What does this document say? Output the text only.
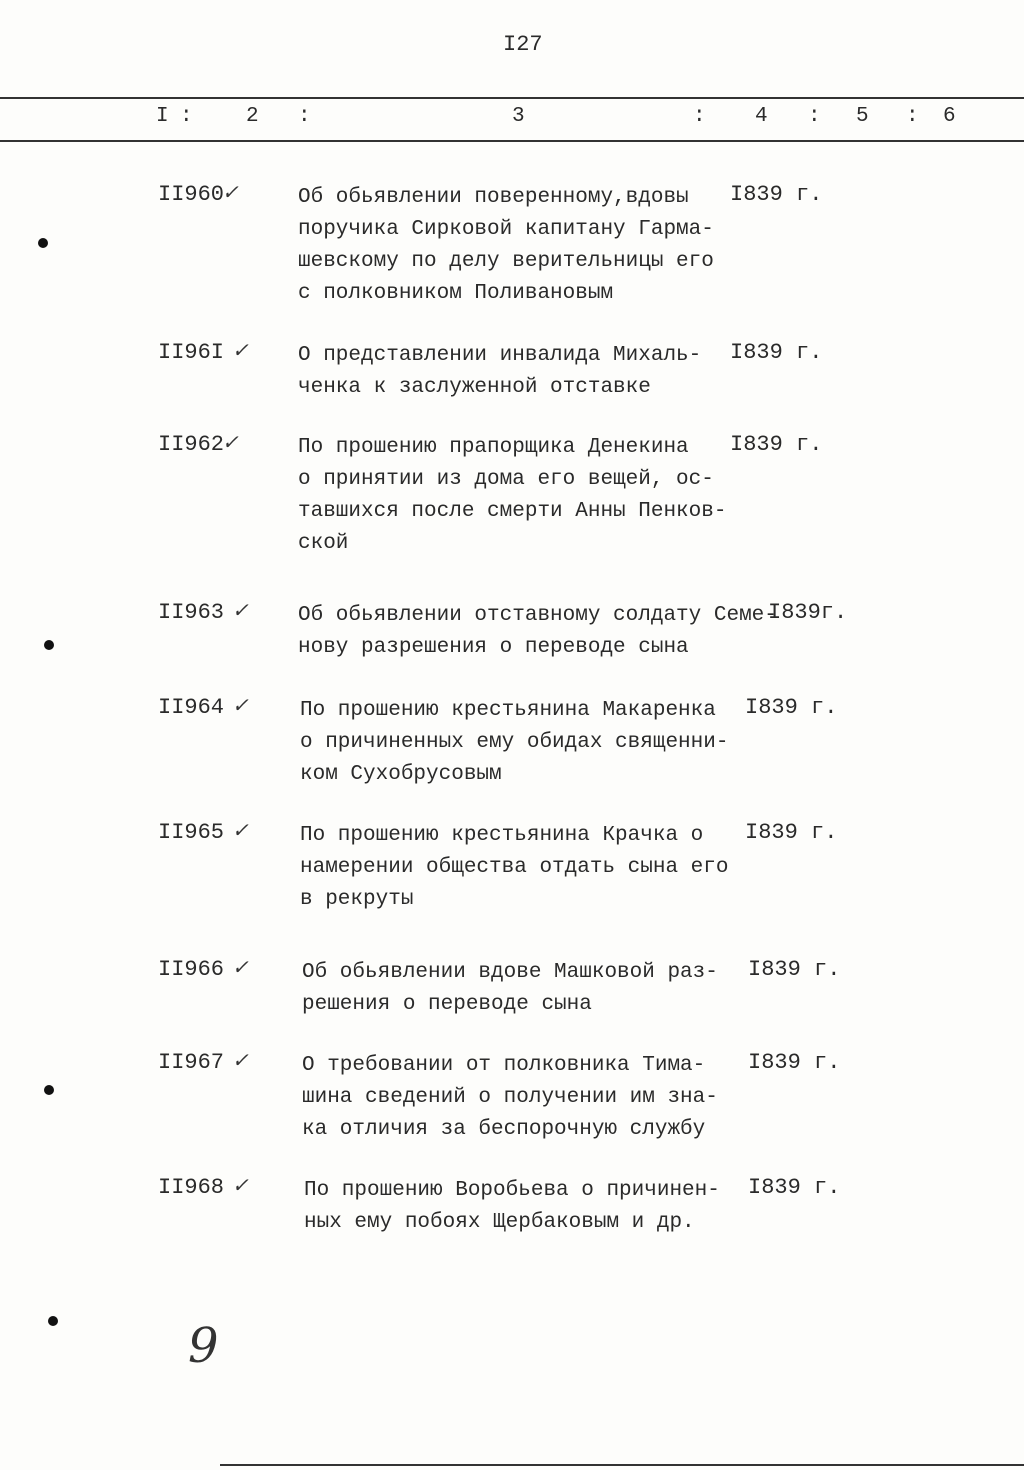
I27
I :	2 :	3	: 4 : 5 : 6
II960
✓	Об обьявлении повеpенному,вдовы
поручика Сирковой капитану Гарма-
шевскому по делу верительницы его
с полковником Поливановым
I839 г.
II96I ✓ О представлении инвалида Михаль-
ченка к заслуженной отставке
I839 г.
II962
✓	По прошению прапорщика Денекина
о принятии из дома его вещей, ос-
тавшихся после смерти Анны Пенков-
ской
I839 г.
II963 ✓ Об обьявлении отставному солдату Семе-
нову разрешения о переводе сына
I839г.
II964 ✓ По прошению крестьянина Макаренка
о причиненных ему обидах священни-
ком Сухобрусовым
I839 г.
II965 ✓ По прошению крестьянина Крачка о
намерении общества отдать сына его
в рекруты
I839 г.
II966 ✓	Об обьявлении вдове Машковой раз-
решения о переводе сына
I839 г.
II967 ✓	О требовании от полковника Тима-
шина сведений о получении им зна-
ка отличия за беспорочную службу
I839 г.
II968 ✓	По прошению Воробьева о причинен-
ных ему побоях Щербаковым и др.
I839 г.
9
